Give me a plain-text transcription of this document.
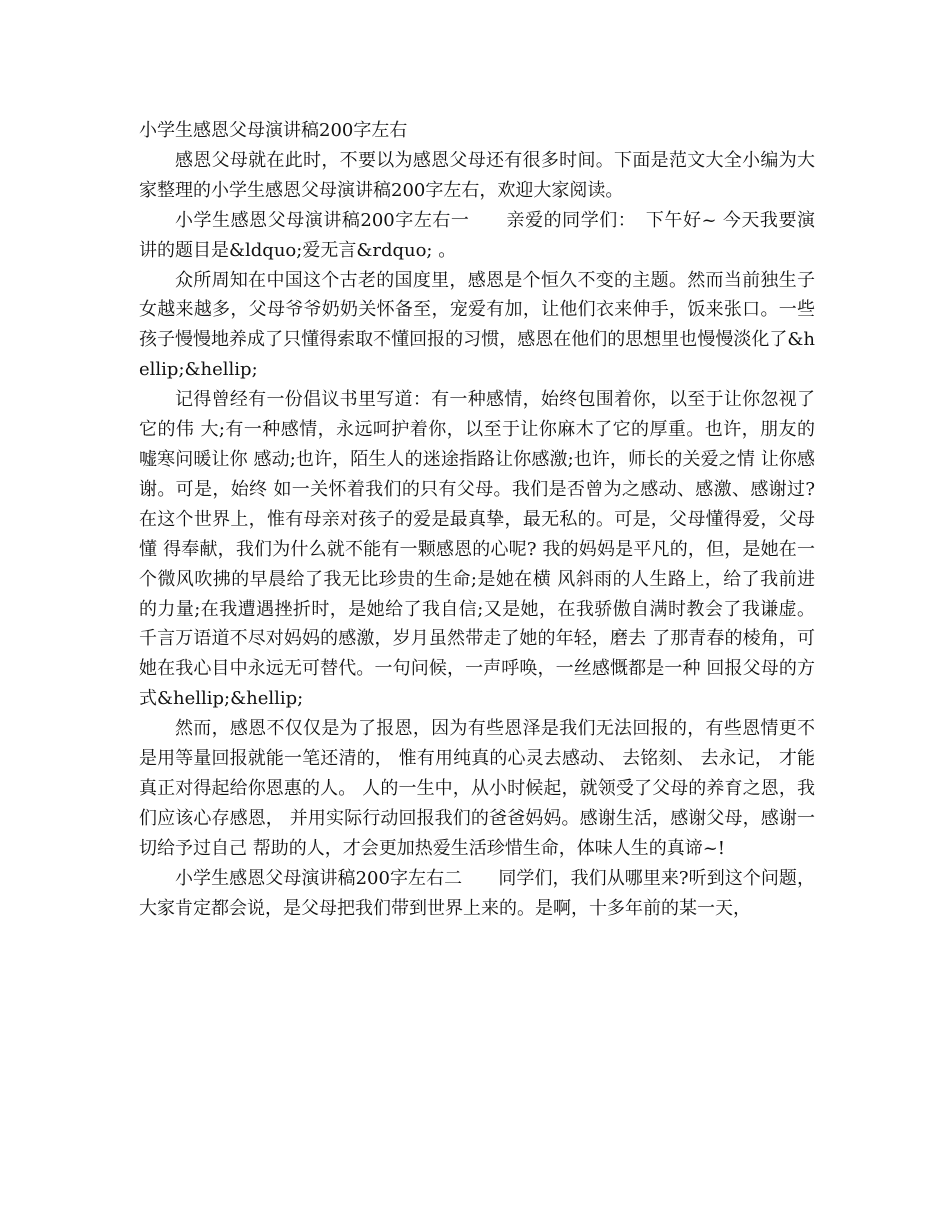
小学生感恩父母演讲稿200字左右

感恩父母就在此时，不要以为感恩父母还有很多时间。下面是范文大全小编为大家整理的小学生感恩父母演讲稿200字左右，欢迎大家阅读。

小学生感恩父母演讲稿200字左右一　　亲爱的同学们：　下午好~ 今天我要演讲的题目是&ldquo;爱无言&rdquo; 。

众所周知在中国这个古老的国度里，感恩是个恒久不变的主题。然而当前独生子女越来越多，父母爷爷奶奶关怀备至，宠爱有加，让他们衣来伸手，饭来张口。一些孩子慢慢地养成了只懂得索取不懂回报的习惯，感恩在他们的思想里也慢慢淡化了&hellip;&hellip;

记得曾经有一份倡议书里写道：有一种感情，始终包围着你，以至于让你忽视了它的伟 大;有一种感情，永远呵护着你，以至于让你麻木了它的厚重。也许，朋友的嘘寒问暖让你 感动;也许，陌生人的迷途指路让你感激;也许，师长的关爱之情 让你感谢。可是，始终 如一关怀着我们的只有父母。我们是否曾为之感动、感激、感谢过? 在这个世界上，惟有母亲对孩子的爱是最真挚，最无私的。可是，父母懂得爱，父母懂 得奉献，我们为什么就不能有一颗感恩的心呢? 我的妈妈是平凡的，但，是她在一个微风吹拂的早晨给了我无比珍贵的生命;是她在横 风斜雨的人生路上，给了我前进的力量;在我遭遇挫折时，是她给了我自信;又是她，在我骄傲自满时教会了我谦虚。千言万语道不尽对妈妈的感激，岁月虽然带走了她的年轻，磨去 了那青春的棱角，可她在我心目中永远无可替代。一句问候，一声呼唤，一丝感慨都是一种 回报父母的方式&hellip;&hellip;

然而，感恩不仅仅是为了报恩，因为有些恩泽是我们无法回报的，有些恩情更不是用等量回报就能一笔还清的， 惟有用纯真的心灵去感动、 去铭刻、 去永记， 才能真正对得起给你恩惠的人。 人的一生中，从小时候起，就领受了父母的养育之恩，我们应该心存感恩， 并用实际行动回报我们的爸爸妈妈。感谢生活，感谢父母，感谢一切给予过自己 帮助的人，才会更加热爱生活珍惜生命，体味人生的真谛~!

小学生感恩父母演讲稿200字左右二　　同学们，我们从哪里来?听到这个问题，大家肯定都会说，是父母把我们带到世界上来的。是啊，十多年前的某一天，
